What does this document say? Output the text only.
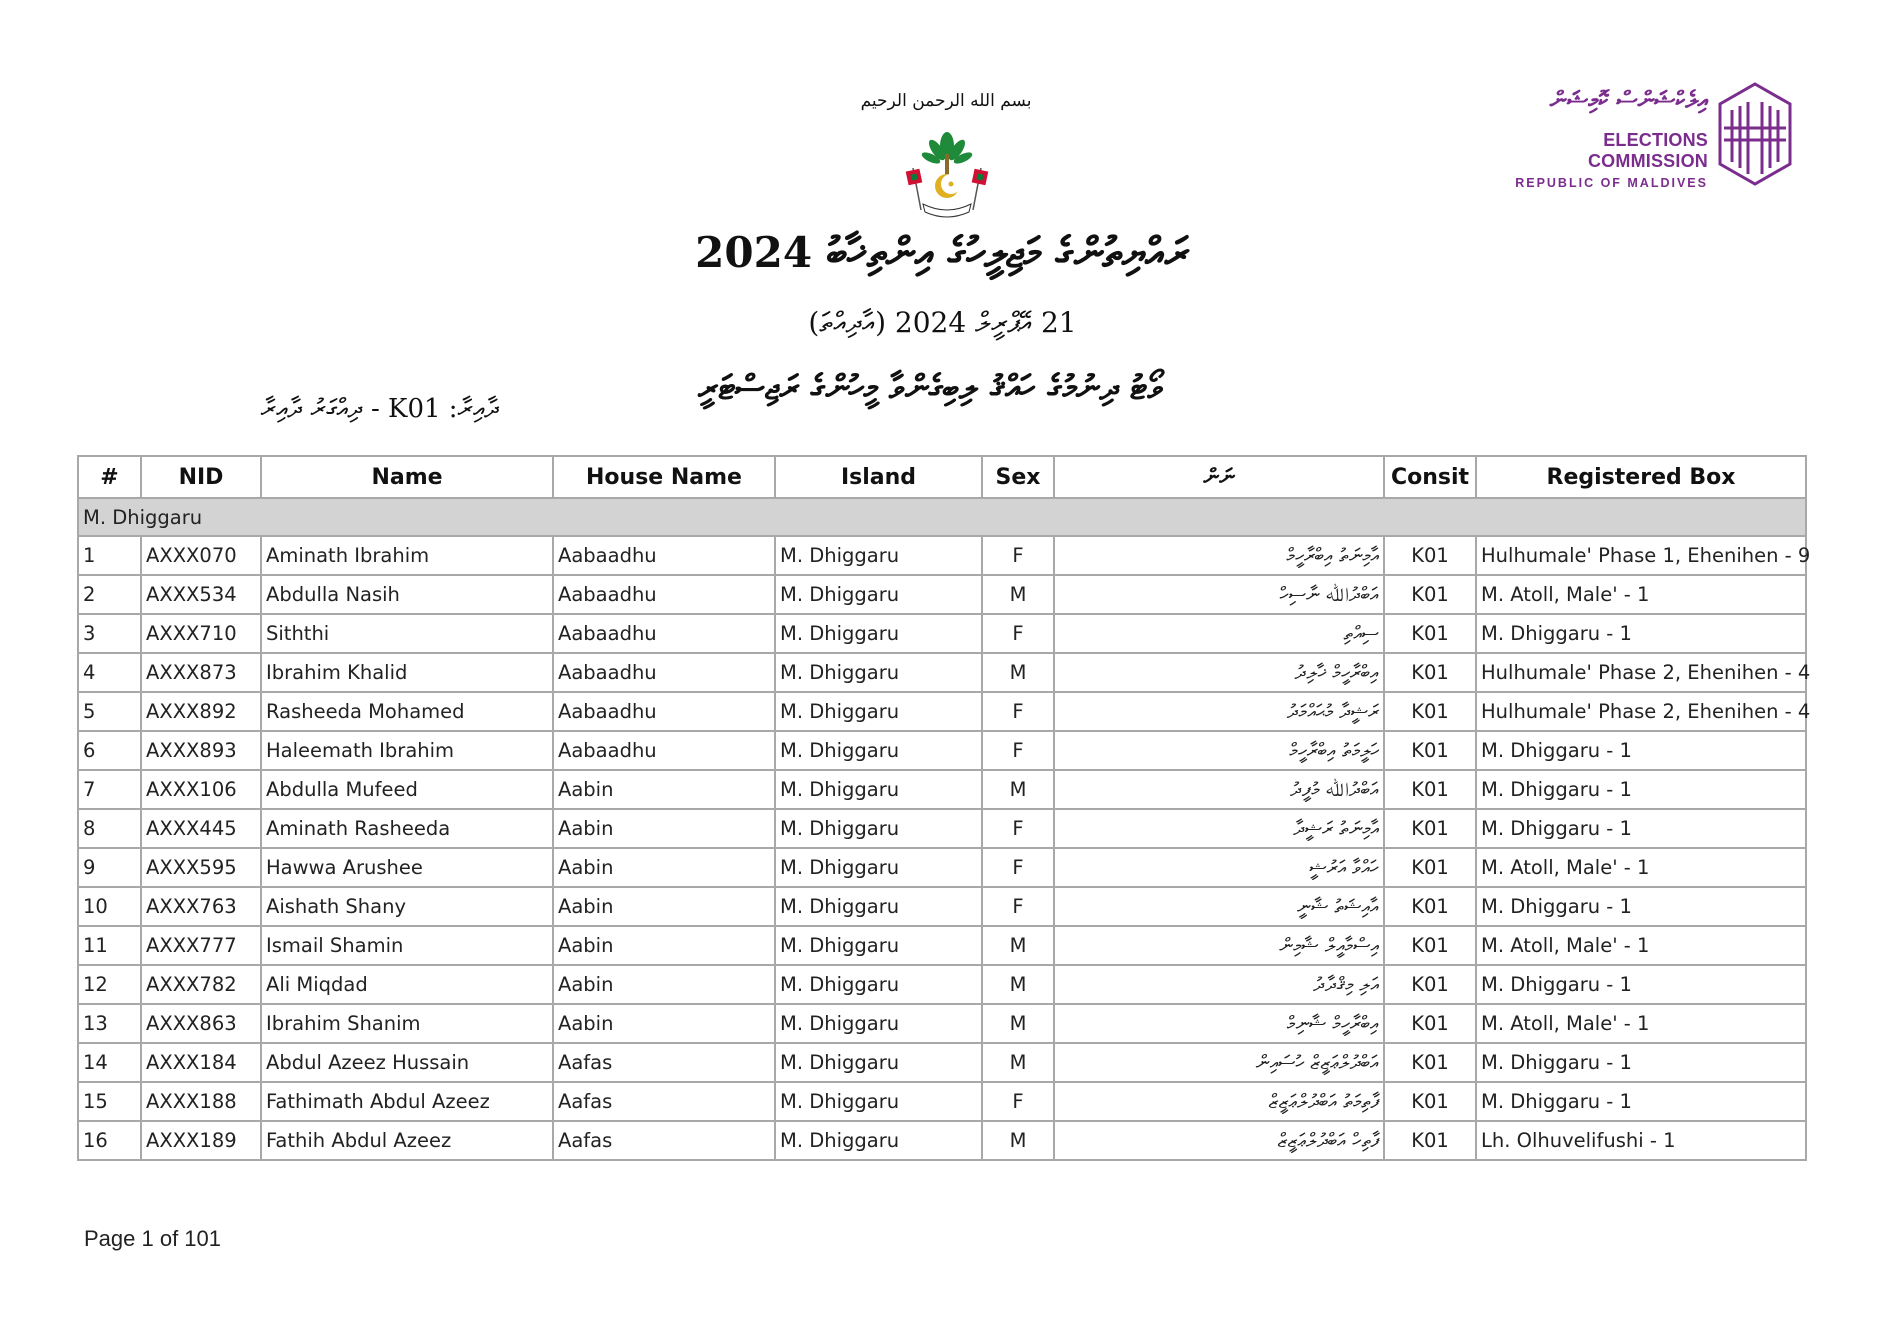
بسم الله الرحمن الرحيم	އިލެކްޝަންސް ކޮމިޝަން
ELECTIONS COMMISSION
REPUBLIC OF MALDIVES
ރައްޔިތުންގެ މަޖިލީހުގެ އިންތިޚާބު 2024
21 އޭޕްރީލް 2024 (އާދިއްތަ)
ވޯޓު ދިނުމުގެ ހައްޤު ލިބިގެންވާ މީހުންގެ ރަޖިސްޓަރީ
ދާއިރާ: K01 - ދިއްގަރު ދާއިރާ
#	NID	Name	House Name	Island	Sex	ނަން	Consit	Registered Box
M. Dhiggaru								
1	AXXX070	Aminath Ibrahim	Aabaadhu	M. Dhiggaru	F	އާމިނަތު އިބްރާހީމް	K01	Hulhumale' Phase 1, Ehenihen - 9
2	AXXX534	Abdulla Nasih	Aabaadhu	M. Dhiggaru	M	އަބްދުﷲ ނާސިހް	K01	M. Atoll, Male' - 1
3	AXXX710	Siththi	Aabaadhu	M. Dhiggaru	F	ސިއްތި	K01	M. Dhiggaru - 1
4	AXXX873	Ibrahim Khalid	Aabaadhu	M. Dhiggaru	M	އިބްރާހީމް ޚާލިދު	K01	Hulhumale' Phase 2, Ehenihen - 4
5	AXXX892	Rasheeda Mohamed	Aabaadhu	M. Dhiggaru	F	ރަޝީދާ މުޙައްމަދު	K01	Hulhumale' Phase 2, Ehenihen - 4
6	AXXX893	Haleemath Ibrahim	Aabaadhu	M. Dhiggaru	F	ހަލީމަތު އިބްރާހީމް	K01	M. Dhiggaru - 1
7	AXXX106	Abdulla Mufeed	Aabin	M. Dhiggaru	M	އަބްދުﷲ މުފީދު	K01	M. Dhiggaru - 1
8	AXXX445	Aminath Rasheeda	Aabin	M. Dhiggaru	F	އާމިނަތު ރަޝީދާ	K01	M. Dhiggaru - 1
9	AXXX595	Hawwa Arushee	Aabin	M. Dhiggaru	F	ހައްވާ އަރުޝީ	K01	M. Atoll, Male' - 1
10	AXXX763	Aishath Shany	Aabin	M. Dhiggaru	F	އާއިޝަތު ޝާނީ	K01	M. Dhiggaru - 1
11	AXXX777	Ismail Shamin	Aabin	M. Dhiggaru	M	އިސްމާއީލް ޝާމިން	K01	M. Atoll, Male' - 1
12	AXXX782	Ali Miqdad	Aabin	M. Dhiggaru	M	އަލި މިޤްދާދު	K01	M. Dhiggaru - 1
13	AXXX863	Ibrahim Shanim	Aabin	M. Dhiggaru	M	އިބްރާހީމް ޝާނިމް	K01	M. Atoll, Male' - 1
14	AXXX184	Abdul Azeez Hussain	Aafas	M. Dhiggaru	M	އަބްދުލްޢަޒީޒް ހުސައިން	K01	M. Dhiggaru - 1
15	AXXX188	Fathimath Abdul Azeez	Aafas	M. Dhiggaru	F	ފާތިމަތު އަބްދުލްޢަޒީޒް	K01	M. Dhiggaru - 1
16	AXXX189	Fathih Abdul Azeez	Aafas	M. Dhiggaru	M	ފާތިހް އަބްދުލްޢަޒީޒް	K01	Lh. Olhuvelifushi - 1
Page 1 of 101
